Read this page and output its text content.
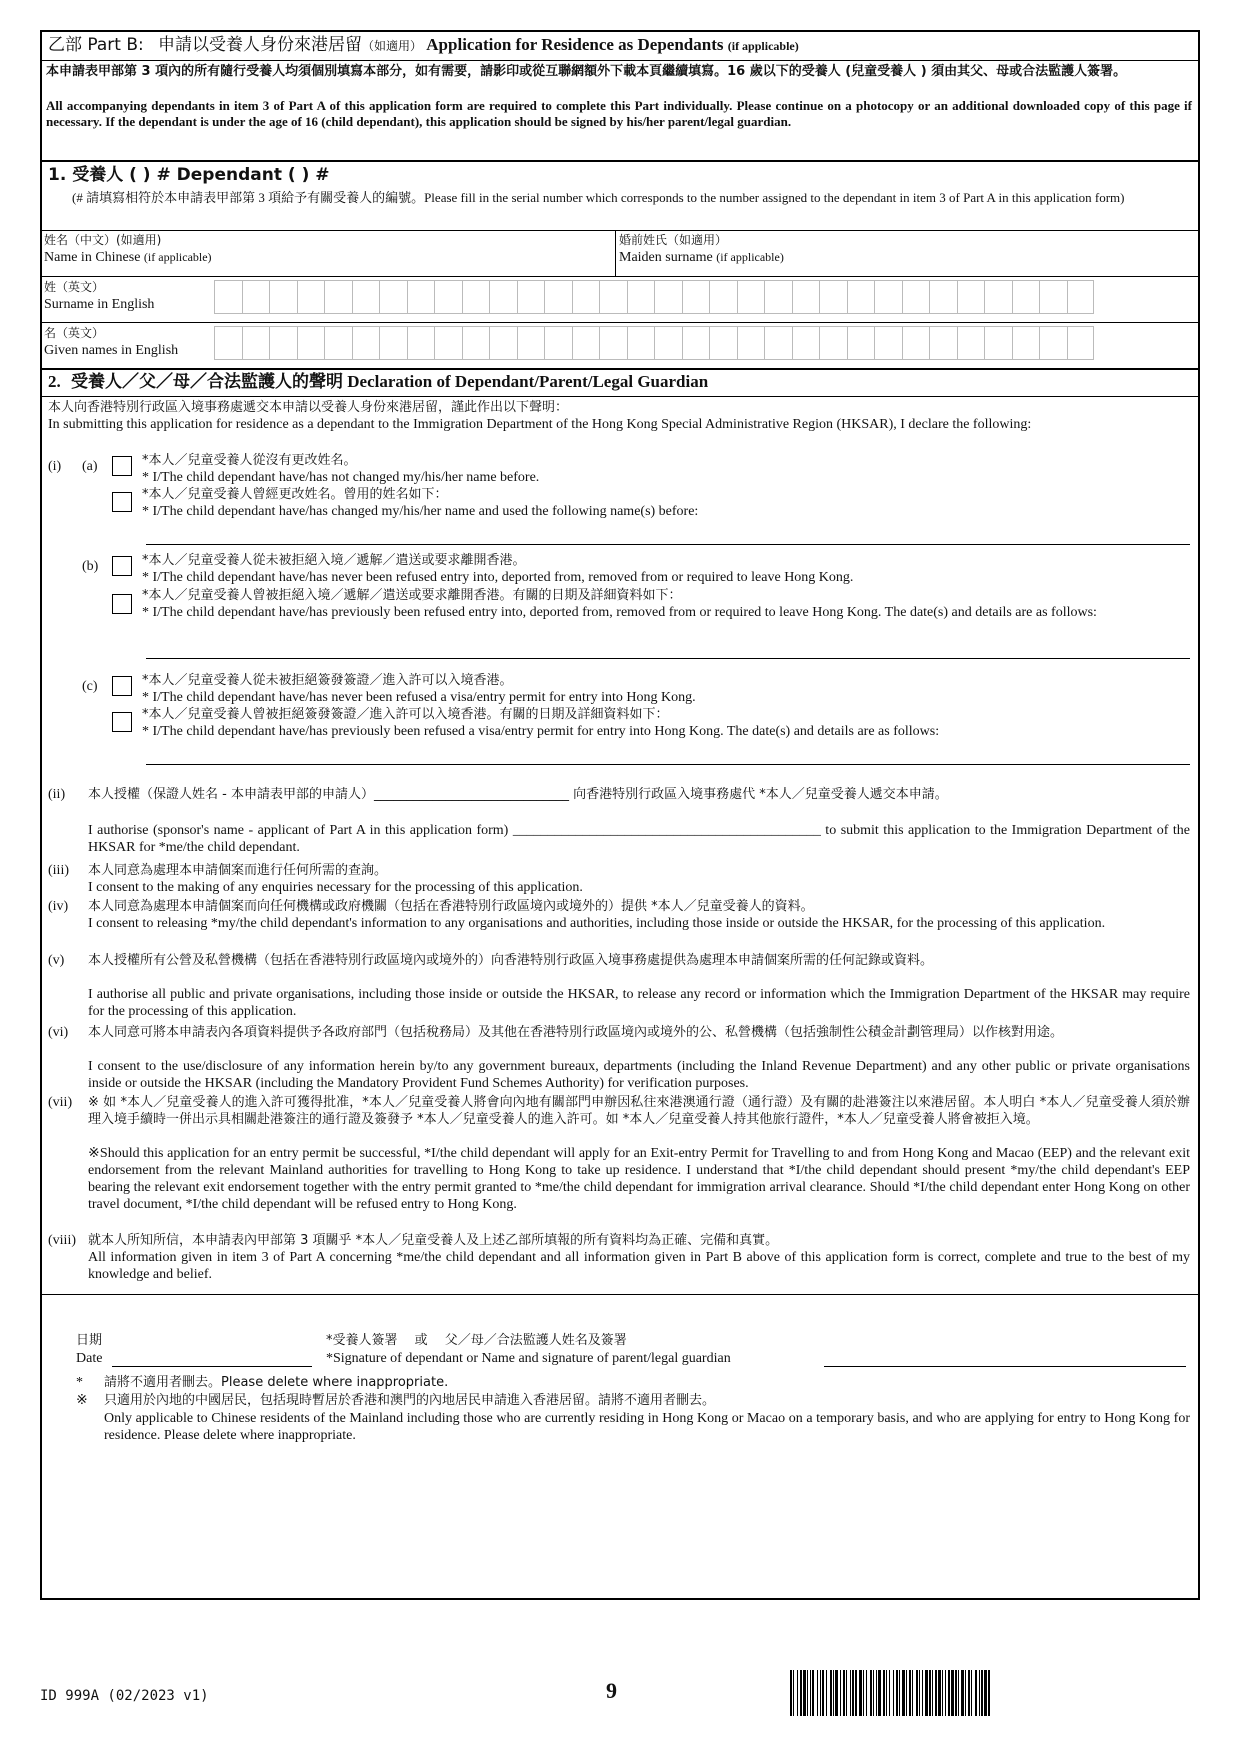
乙部 Part B: 申請以受養人身份來港居留（如適用） Application for Residence as Dependants (if applicable)
本申請表甲部第 3 項內的所有隨行受養人均須個別填寫本部分，如有需要，請影印或從互聯網額外下載本頁繼續填寫。16 歲以下的受養人 (兒童受養人 ) 須由其父、母或合法監護人簽署。
All accompanying dependants in item 3 of Part A of this application form are required to complete this Part individually. Please continue on a photocopy or an additional downloaded copy of this page if necessary. If the dependant is under the age of 16 (child dependant), this application should be signed by his/her parent/legal guardian.
1. 受養人 ( ) # Dependant ( ) #
(# 請填寫相符於本申請表甲部第 3 項給予有關受養人的編號。Please fill in the serial number which corresponds to the number assigned to the dependant in item 3 of Part A in this application form)
姓名（中文）(如適用)
Name in Chinese (if applicable)
婚前姓氏（如適用）
Maiden surname (if applicable)
姓（英文）
Surname in English
名（英文）
Given names in English
2. 受養人／父／母／合法監護人的聲明 Declaration of Dependant/Parent/Legal Guardian
本人向香港特別行政區入境事務處遞交本申請以受養人身份來港居留，謹此作出以下聲明：
In submitting this application for residence as a dependant to the Immigration Department of the Hong Kong Special Administrative Region (HKSAR), I declare the following:
(i) (a)	*本人／兒童受養人從沒有更改姓名。
* I/The child dependant have/has not changed my/his/her name before.
*本人／兒童受養人曾經更改姓名。曾用的姓名如下：
* I/The child dependant have/has changed my/his/her name and used the following name(s) before:
(b)	*本人／兒童受養人從未被拒絕入境／遞解／遣送或要求離開香港。
* I/The child dependant have/has never been refused entry into, deported from, removed from or required to leave Hong Kong.
*本人／兒童受養人曾被拒絕入境／遞解／遣送或要求離開香港。有關的日期及詳細資料如下：
* I/The child dependant have/has previously been refused entry into, deported from, removed from or required to leave Hong Kong. The date(s) and details are as follows:
(c)	*本人／兒童受養人從未被拒絕簽發簽證／進入許可以入境香港。
* I/The child dependant have/has never been refused a visa/entry permit for entry into Hong Kong.
*本人／兒童受養人曾被拒絕簽發簽證／進入許可以入境香港。有關的日期及詳細資料如下：
* I/The child dependant have/has previously been refused a visa/entry permit for entry into Hong Kong. The date(s) and details are as follows:
(ii)	本人授權（保證人姓名 - 本申請表甲部的申請人）______________________________ 向香港特別行政區入境事務處代 *本人／兒童受養人遞交本申請。
I authorise (sponsor's name - applicant of Part A in this application form) ____________________________________________ to submit this application to the Immigration Department of the HKSAR for *me/the child dependant.
(iii)	本人同意為處理本申請個案而進行任何所需的查詢。
I consent to the making of any enquiries necessary for the processing of this application.
(iv)	本人同意為處理本申請個案而向任何機構或政府機關（包括在香港特別行政區境內或境外的）提供 *本人／兒童受養人的資料。
I consent to releasing *my/the child dependant's information to any organisations and authorities, including those inside or outside the HKSAR, for the processing of this application.
(v)	本人授權所有公營及私營機構（包括在香港特別行政區境內或境外的）向香港特別行政區入境事務處提供為處理本申請個案所需的任何記錄或資料。
I authorise all public and private organisations, including those inside or outside the HKSAR, to release any record or information which the Immigration Department of the HKSAR may require for the processing of this application.
(vi)	本人同意可將本申請表內各項資料提供予各政府部門（包括稅務局）及其他在香港特別行政區境內或境外的公、私營機構（包括強制性公積金計劃管理局）以作核對用途。
I consent to the use/disclosure of any information herein by/to any government bureaux, departments (including the Inland Revenue Department) and any other public or private organisations inside or outside the HKSAR (including the Mandatory Provident Fund Schemes Authority) for verification purposes.
(vii)	※ 如 *本人／兒童受養人的進入許可獲得批准，*本人／兒童受養人將會向內地有關部門申辦因私往來港澳通行證（通行證）及有關的赴港簽注以來港居留。本人明白 *本人／兒童受養人須於辦理入境手續時一併出示具相關赴港簽注的通行證及簽發予 *本人／兒童受養人的進入許可。如 *本人／兒童受養人持其他旅行證件，*本人／兒童受養人將會被拒入境。
※Should this application for an entry permit be successful, *I/the child dependant will apply for an Exit-entry Permit for Travelling to and from Hong Kong and Macao (EEP) and the relevant exit endorsement from the relevant Mainland authorities for travelling to Hong Kong to take up residence. I understand that *I/the child dependant should present *my/the child dependant's EEP bearing the relevant exit endorsement together with the entry permit granted to *me/the child dependant for immigration arrival clearance. Should *I/the child dependant enter Hong Kong on other travel document, *I/the child dependant will be refused entry to Hong Kong.
(viii) 就本人所知所信，本申請表內甲部第 3 項關乎 *本人／兒童受養人及上述乙部所填報的所有資料均為正確、完備和真實。
All information given in item 3 of Part A concerning *me/the child dependant and all information given in Part B above of this application form is correct, complete and true to the best of my knowledge and belief.
日期
Date
*受養人簽署　 或　 父／母／合法監護人姓名及簽署
*Signature of dependant or Name and signature of parent/legal guardian
* 請將不適用者刪去。Please delete where inappropriate.
※ 只適用於內地的中國居民，包括現時暫居於香港和澳門的內地居民申請進入香港居留。請將不適用者刪去。
Only applicable to Chinese residents of the Mainland including those who are currently residing in Hong Kong or Macao on a temporary basis, and who are applying for entry to Hong Kong for residence. Please delete where inappropriate.
ID 999A (02/2023 v1)	9
